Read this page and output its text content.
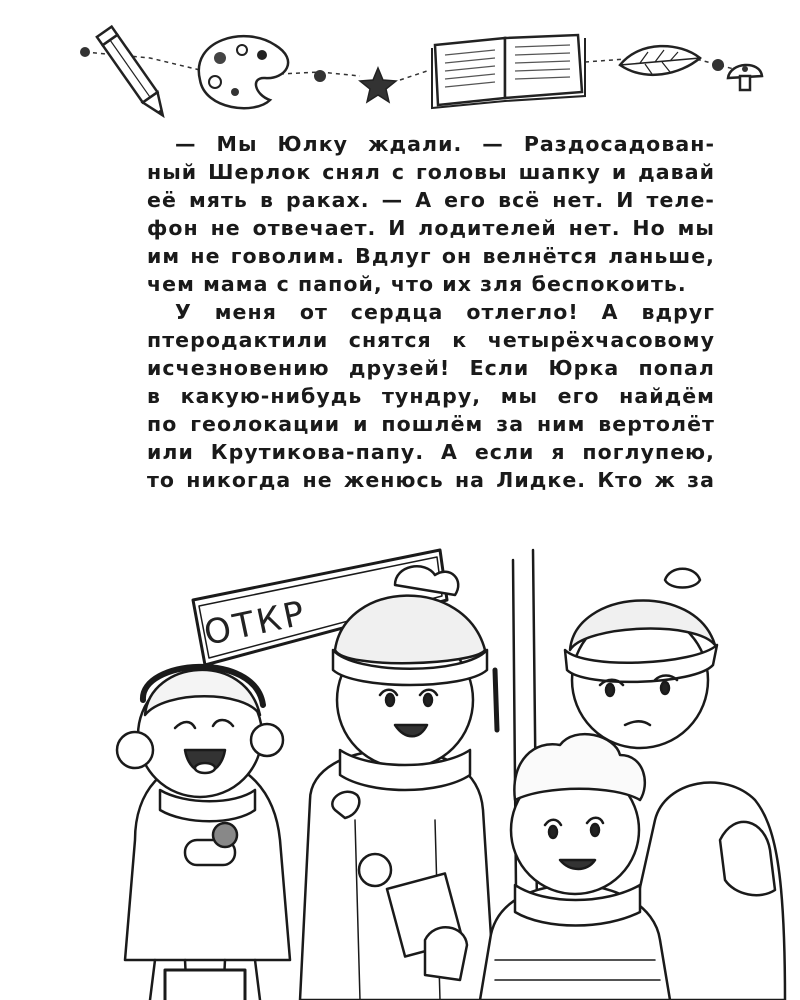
— Мы Юлку ждали. — Раздосадован-
ный Шерлок снял с головы шапку и давай
её мять в раках. — А его всё нет. И теле-
фон не отвечает. И лодителей нет. Но мы
им не говолим. Вдлуг он велнётся ланьше,
чем мама с папой, что их зля беспокоить.
У меня от сердца отлегло! А вдруг
птеродактили снятся к четырёхчасовому
исчезновению друзей! Если Юрка попал
в какую-нибудь тундру, мы его найдём
по геолокации и пошлём за ним вертолёт
или Крутикова-папу. А если я поглупею,
то никогда не женюсь на Лидке. Кто ж за
ОТКР
